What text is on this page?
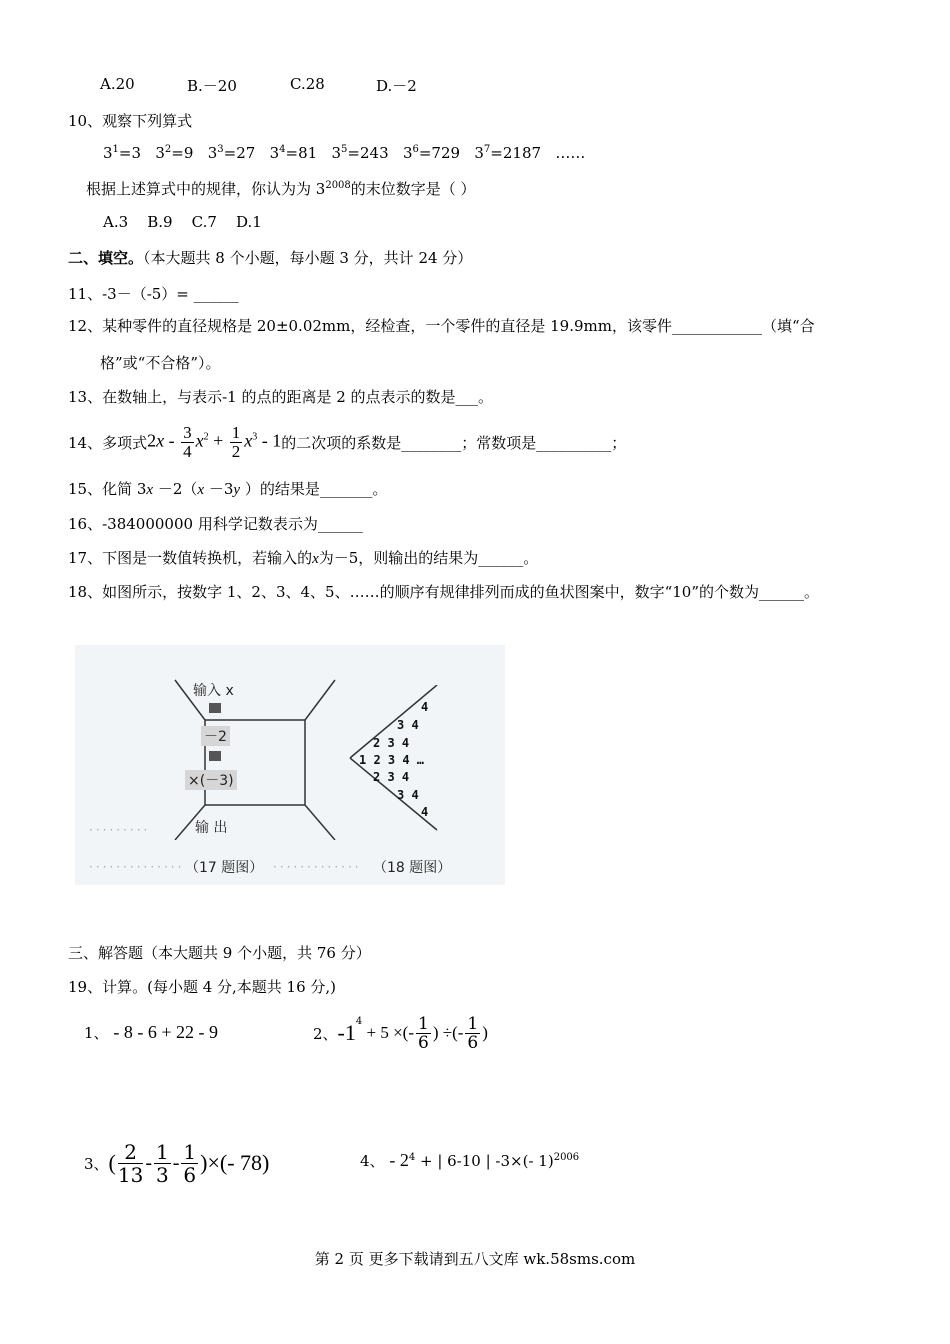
A.20	B.－20	C.28	D.－2
10、观察下列算式
$3^1=3$ $3^2=9$ $3^3=27$ $3^4=81$ $3^5=243$ $3^6=729$ $3^7=2187$ ……
根据上述算式中的规律，你认为为 $3^{2008}$的末位数字是（ ）
A.3    B.9    C.7    D.1
二、填空。（本大题共 8 个小题，每小题 3 分，共计 24 分）
11、-3－（-5）= ______
12、某种零件的直径规格是 20±0.02mm，经检查，一个零件的直径是 19.9mm，该零件____________（填“合
格”或“不合格”）。
13、在数轴上，与表示-1 的点的距离是 2 的点表示的数是___。
14、多项式 $2x - \frac{3}{4} x^2 + \frac{1}{2} x^3 - 1$ 的二次项的系数是________；常数项是__________；
15、化简 3x －2（x －3y ）的结果是_______。
16、-384000000 用科学记数表示为______
17、下图是一数值转换机，若输入的x为－5，则输出的结果为______。
18、如图所示，按数字 1、2、3、4、5、……的顺序有规律排列而成的鱼状图案中，数字“10”的个数为______。
输入 x
－2
×(－3)
输 出
·········
4
3 4
2 3 4
1 2 3 4 …
2 3 4
3 4
4
·············· （17 题图） ············· （18 题图）
三、解答题（本大题共 9 个小题，共 76 分）
19、计算。(每小题 4 分,本题共 16 分,)
1、 - 8 - 6 + 22 - 9	2、 $-1^4$
+ 5 ×(- $\frac{1}{6}$ ) ÷(- $\frac{1}{6}$ )
3、 ( $\frac{2}{13} - \frac{1}{3} - \frac{1}{6}$ )×(- 78)	4、 - $2^4$ + | 6-10 | -3×(- 1)$^{2006}$
第 2 页 更多下载请到五八文库 wk.58sms.com
